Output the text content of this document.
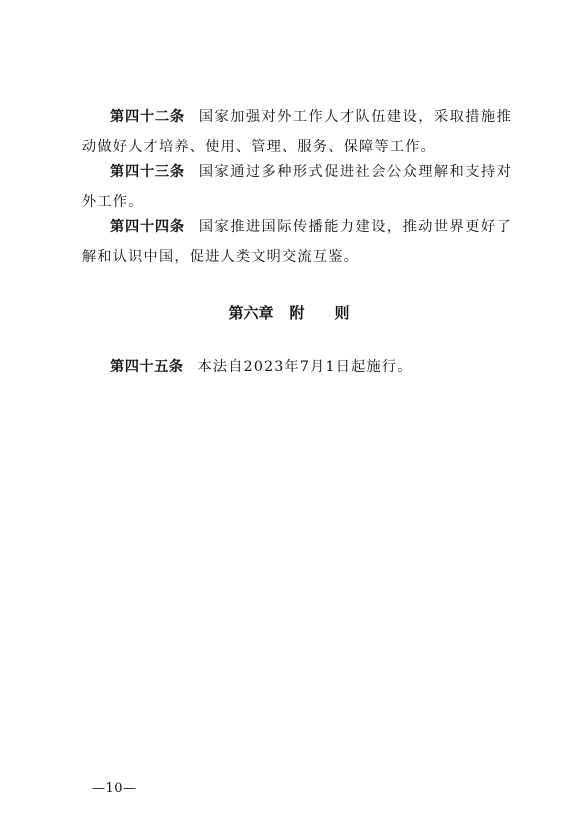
第四十二条 国家加强对外工作人才队伍建设，采取措施推动做好人才培养、使用、管理、服务、保障等工作。

第四十三条 国家通过多种形式促进社会公众理解和支持对外工作。

第四十四条 国家推进国际传播能力建设，推动世界更好了解和认识中国，促进人类文明交流互鉴。

第六章 附 则

第四十五条 本法自2023年7月1日起施行。

—10—
